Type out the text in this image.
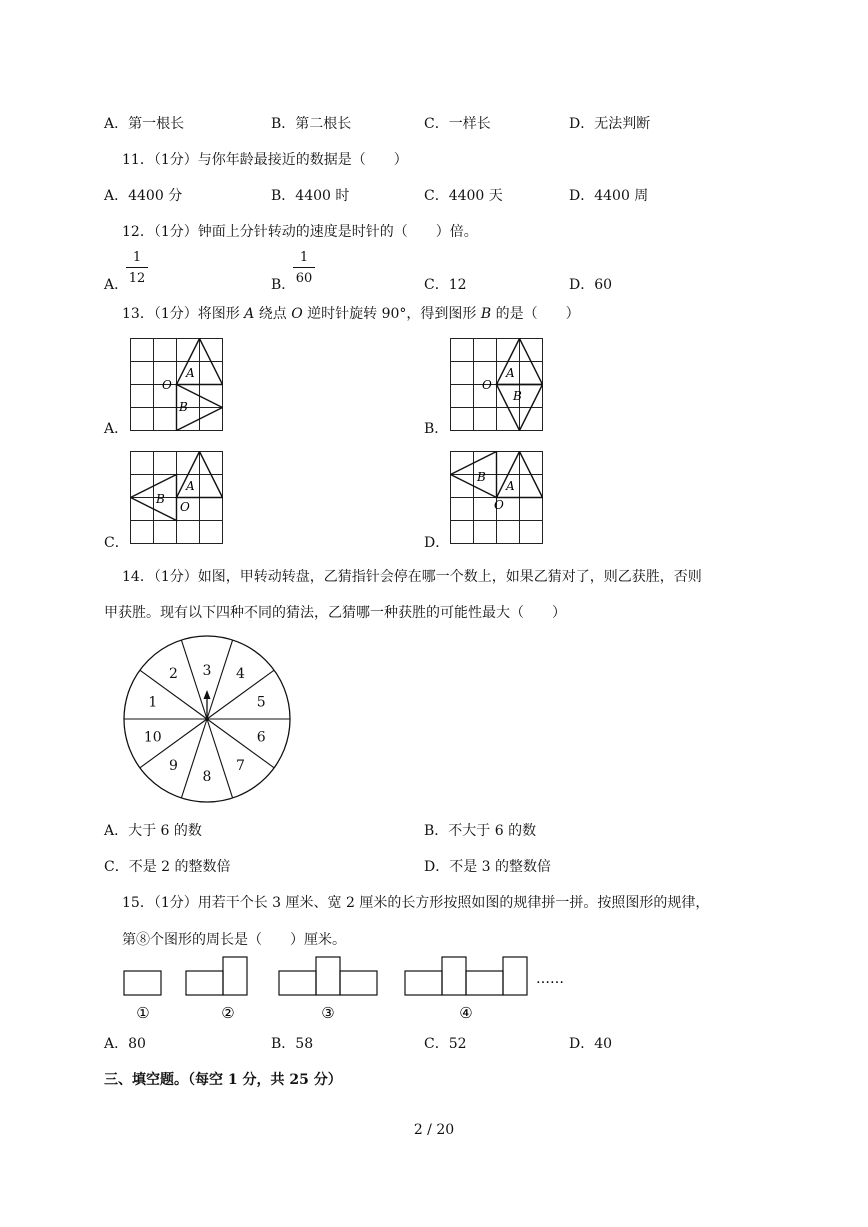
A．第一根长	B．第二根长	C．一样长	D．无法判断
11．（1分）与你年龄最接近的数据是（　　）
A．4400 分	B．4400 时	C．4400 天	D．4400 周
12．（1分）钟面上分针转动的速度是时针的（　　）倍。
A．
$\frac{1}{12}$	B．
$\frac{1}{60}$	C．12	D．60
13．（1分）将图形 A 绕点 O 逆时针旋转 90°，得到图形 B 的是（　　）
A．	B．
C．	D．
A
B
O
A
B
O
A
B
O
A
B
O
14．（1分）如图，甲转动转盘，乙猜指针会停在哪一个数上，如果乙猜对了，则乙获胜，否则
甲获胜。现有以下四种不同的猜法，乙猜哪一种获胜的可能性最大（　　）
3 4
5
6
7
8
9
10
1
2
A．大于 6 的数	B．不大于 6 的数
C．不是 2 的整数倍	D．不是 3 的整数倍
15．（1分）用若干个长 3 厘米、宽 2 厘米的长方形按照如图的规律拼一拼。按照图形的规律，
第⑧个图形的周长是（　　）厘米。
……
①	②	③	④
A．80	B．58	C．52	D．40
三、填空题。（每空 1 分，共 25 分）
2 / 20
